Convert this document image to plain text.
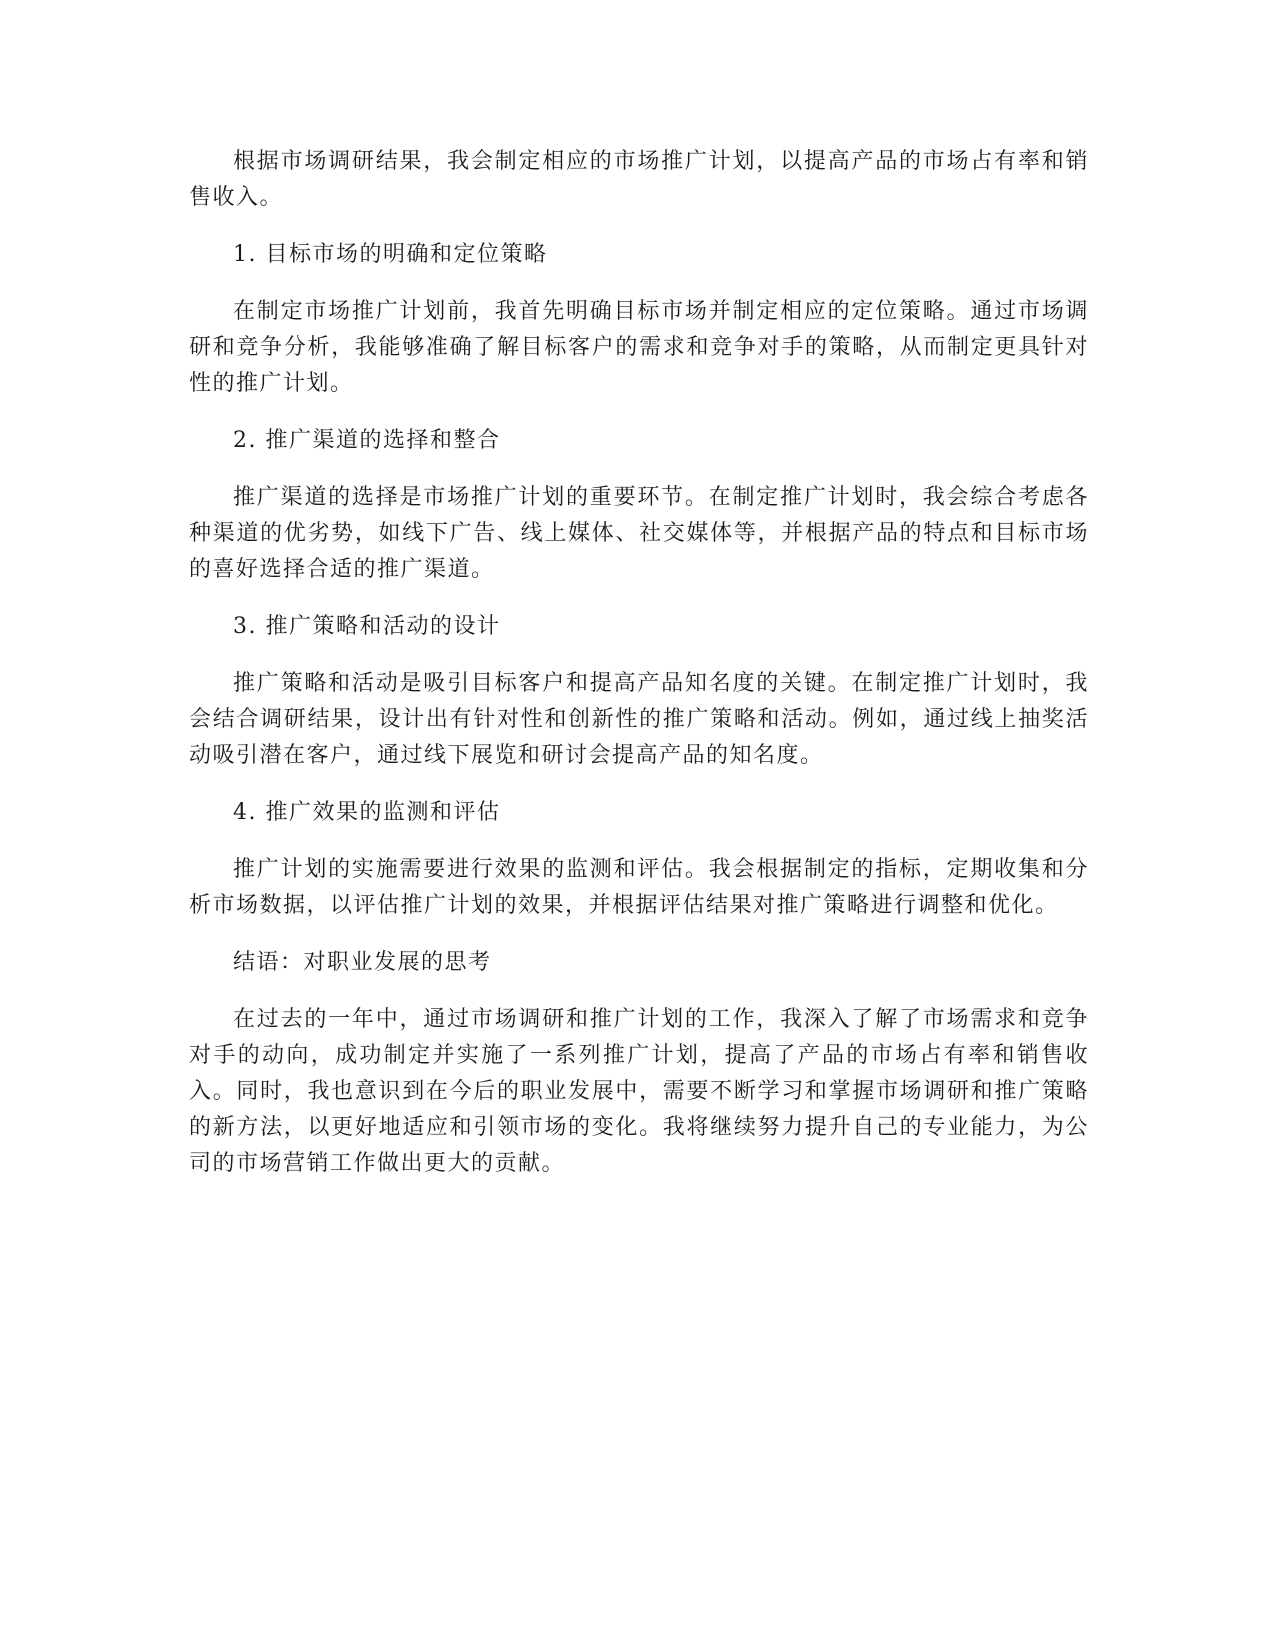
根据市场调研结果，我会制定相应的市场推广计划，以提高产品的市场占有率和销售收入。

1. 目标市场的明确和定位策略

在制定市场推广计划前，我首先明确目标市场并制定相应的定位策略。通过市场调研和竞争分析，我能够准确了解目标客户的需求和竞争对手的策略，从而制定更具针对性的推广计划。

2. 推广渠道的选择和整合

推广渠道的选择是市场推广计划的重要环节。在制定推广计划时，我会综合考虑各种渠道的优劣势，如线下广告、线上媒体、社交媒体等，并根据产品的特点和目标市场的喜好选择合适的推广渠道。

3. 推广策略和活动的设计

推广策略和活动是吸引目标客户和提高产品知名度的关键。在制定推广计划时，我会结合调研结果，设计出有针对性和创新性的推广策略和活动。例如，通过线上抽奖活动吸引潜在客户，通过线下展览和研讨会提高产品的知名度。

4. 推广效果的监测和评估

推广计划的实施需要进行效果的监测和评估。我会根据制定的指标，定期收集和分析市场数据，以评估推广计划的效果，并根据评估结果对推广策略进行调整和优化。

结语：对职业发展的思考

在过去的一年中，通过市场调研和推广计划的工作，我深入了解了市场需求和竞争对手的动向，成功制定并实施了一系列推广计划，提高了产品的市场占有率和销售收入。同时，我也意识到在今后的职业发展中，需要不断学习和掌握市场调研和推广策略的新方法，以更好地适应和引领市场的变化。我将继续努力提升自己的专业能力，为公司的市场营销工作做出更大的贡献。
